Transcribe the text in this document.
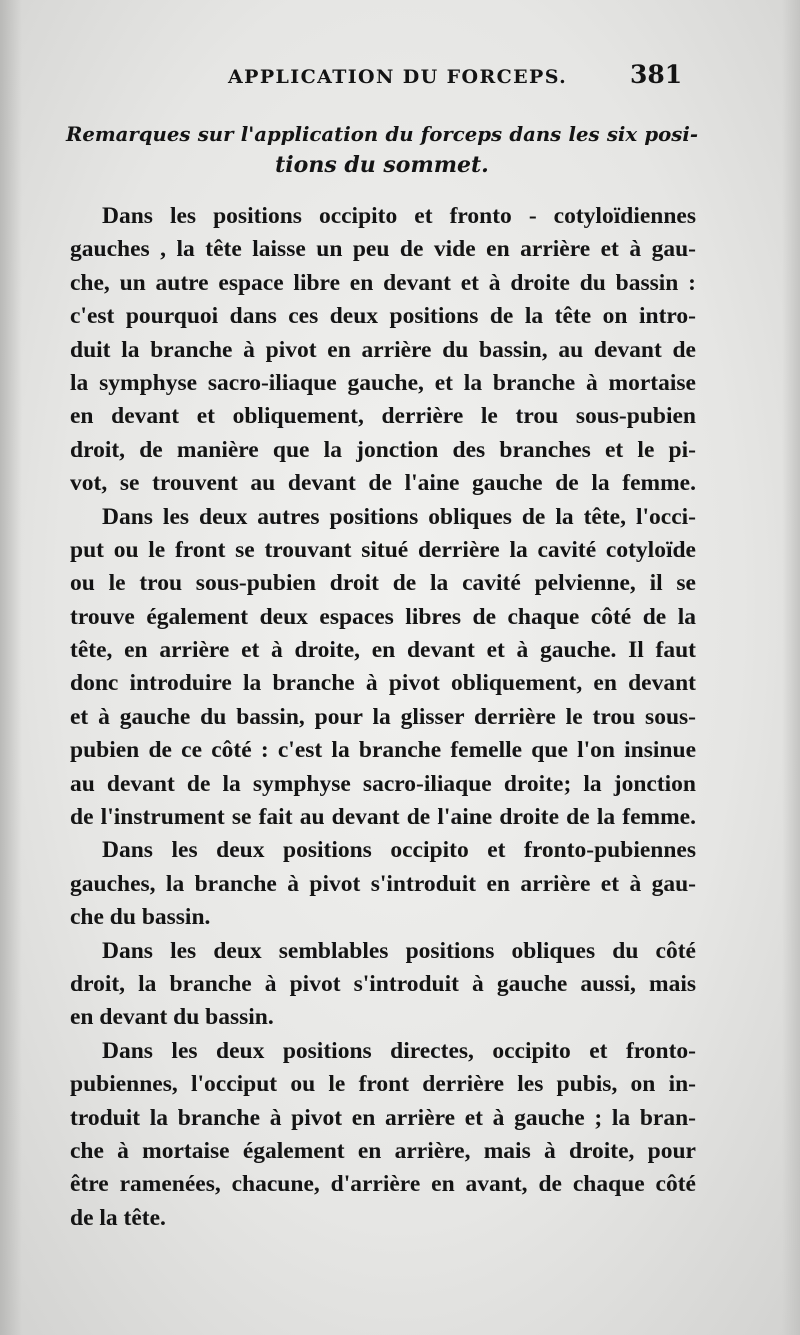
APPLICATION DU FORCEPS.	381
Remarques sur l'application du forceps dans les six posi-
tions du sommet.
Dans les positions occipito et fronto - cotyloïdiennes
gauches , la tête laisse un peu de vide en arrière et à gau-
che, un autre espace libre en devant et à droite du bassin :
c'est pourquoi dans ces deux positions de la tête on intro-
duit la branche à pivot en arrière du bassin, au devant de
la symphyse sacro-iliaque gauche, et la branche à mortaise
en devant et obliquement, derrière le trou sous-pubien
droit, de manière que la jonction des branches et le pi-
vot, se trouvent au devant de l'aine gauche de la femme.
Dans les deux autres positions obliques de la tête, l'occi-
put ou le front se trouvant situé derrière la cavité cotyloïde
ou le trou sous-pubien droit de la cavité pelvienne, il se
trouve également deux espaces libres de chaque côté de la
tête, en arrière et à droite, en devant et à gauche. Il faut
donc introduire la branche à pivot obliquement, en devant
et à gauche du bassin, pour la glisser derrière le trou sous-
pubien de ce côté : c'est la branche femelle que l'on insinue
au devant de la symphyse sacro-iliaque droite; la jonction
de l'instrument se fait au devant de l'aine droite de la femme.
Dans les deux positions occipito et fronto-pubiennes
gauches, la branche à pivot s'introduit en arrière et à gau-
che du bassin.
Dans les deux semblables positions obliques du côté
droit, la branche à pivot s'introduit à gauche aussi, mais
en devant du bassin.
Dans les deux positions directes, occipito et fronto-
pubiennes, l'occiput ou le front derrière les pubis, on in-
troduit la branche à pivot en arrière et à gauche ; la bran-
che à mortaise également en arrière, mais à droite, pour
être ramenées, chacune, d'arrière en avant, de chaque côté
de la tête.
